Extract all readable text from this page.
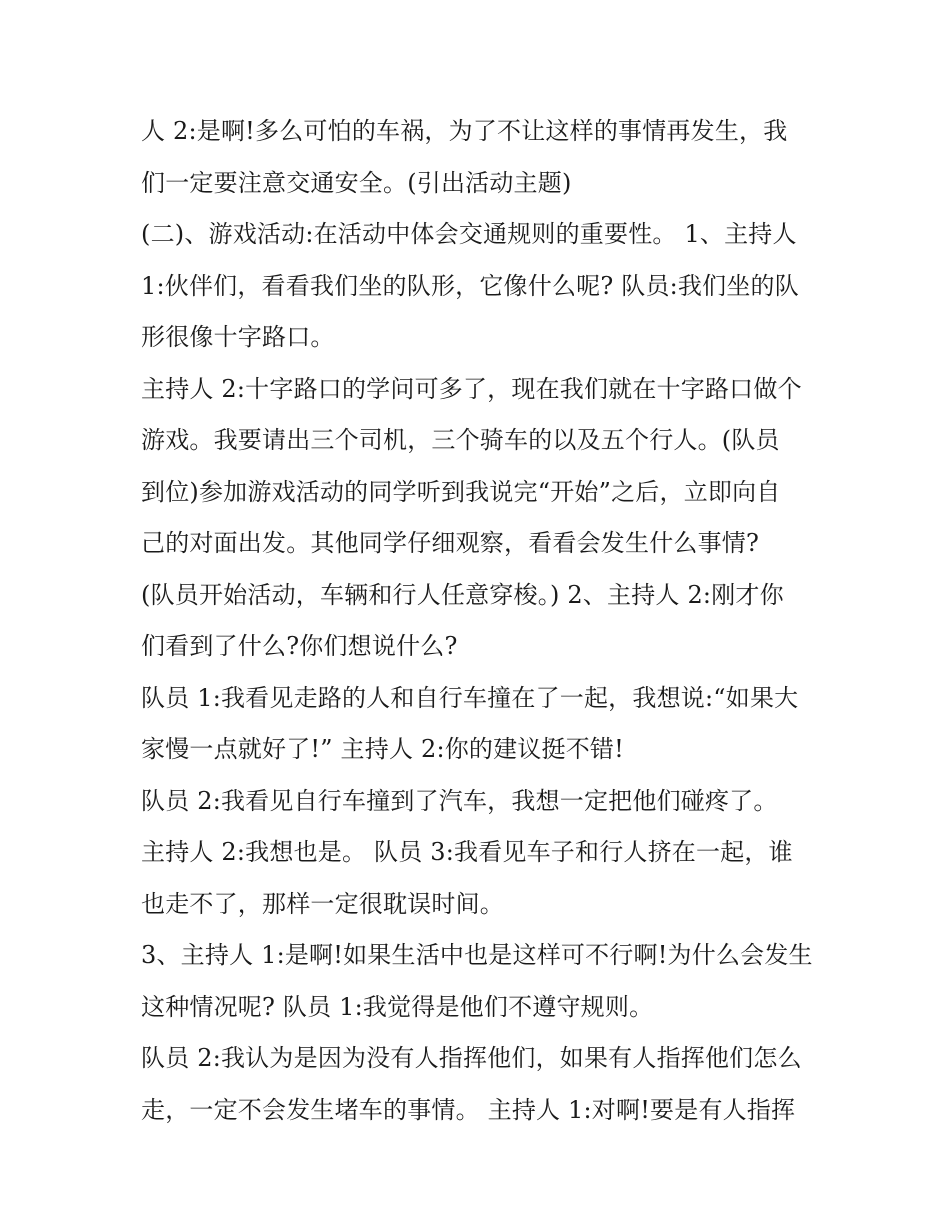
人 2:是啊!多么可怕的车祸，为了不让这样的事情再发生，我
们一定要注意交通安全。(引出活动主题)
(二)、游戏活动:在活动中体会交通规则的重要性。 1、主持人
1:伙伴们，看看我们坐的队形，它像什么呢? 队员:我们坐的队
形很像十字路口。
主持人 2:十字路口的学问可多了，现在我们就在十字路口做个
游戏。我要请出三个司机，三个骑车的以及五个行人。(队员
到位)参加游戏活动的同学听到我说完“开始”之后，立即向自
己的对面出发。其他同学仔细观察，看看会发生什么事情?
(队员开始活动，车辆和行人任意穿梭。) 2、主持人 2:刚才你
们看到了什么?你们想说什么?
队员 1:我看见走路的人和自行车撞在了一起，我想说:“如果大
家慢一点就好了!” 主持人 2:你的建议挺不错!
队员 2:我看见自行车撞到了汽车，我想一定把他们碰疼了。
主持人 2:我想也是。 队员 3:我看见车子和行人挤在一起，谁
也走不了，那样一定很耽误时间。
3、主持人 1:是啊!如果生活中也是这样可不行啊!为什么会发生
这种情况呢? 队员 1:我觉得是他们不遵守规则。
队员 2:我认为是因为没有人指挥他们，如果有人指挥他们怎么
走，一定不会发生堵车的事情。 主持人 1:对啊!要是有人指挥
